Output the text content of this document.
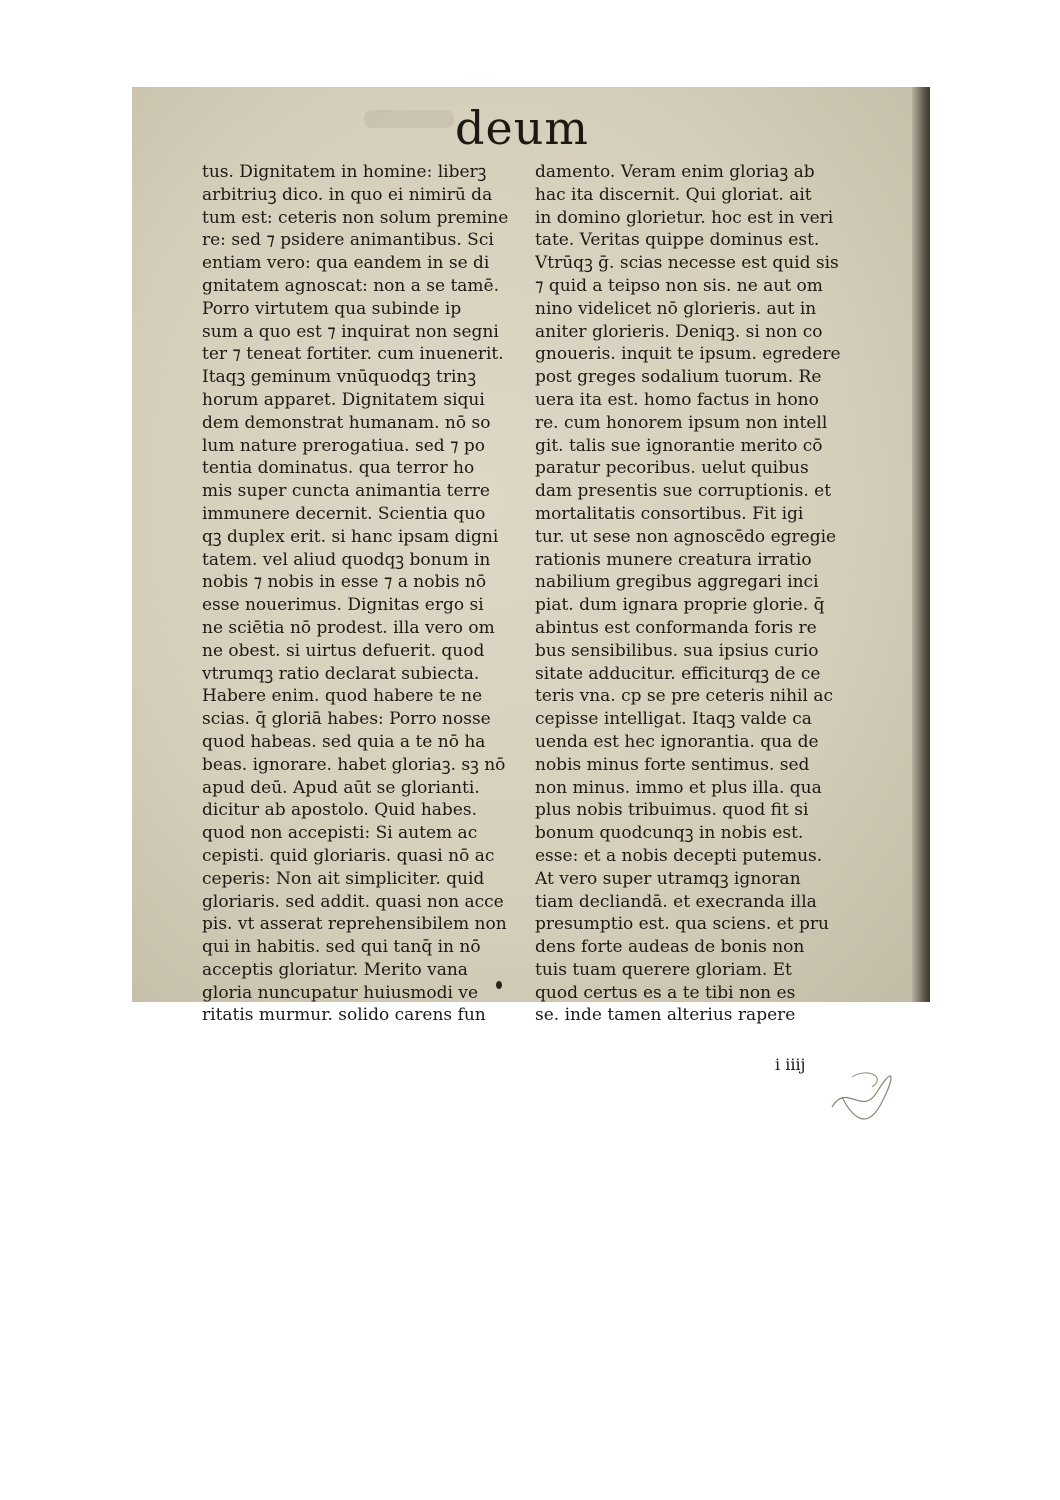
deum
tus. Dignitatem in homine: liberꝫ
arbitriuꝫ dico. in quo ei nimirū da
tum est: ceteris non solum premine
re: sed ⁊ psidere animantibus. Sci
entiam vero: qua eandem in se di
gnitatem agnoscat: non a se tamē.
Porro virtutem qua subinde ip
sum a quo est ⁊ inquirat non segni
ter ⁊ teneat fortiter. cum inuenerit.
Itaqꝫ geminum vnūquodqꝫ trinꝫ
horum apparet. Dignitatem siqui
dem demonstrat humanam. nō so
lum nature prerogatiua. sed ⁊ po
tentia dominatus. qua terror ho
mis super cuncta animantia terre
immunere decernit. Scientia quo
qꝫ duplex erit. si hanc ipsam digni
tatem. vel aliud quodqꝫ bonum in
nobis ⁊ nobis in esse ⁊ a nobis nō
esse nouerimus. Dignitas ergo si
ne sciētia nō prodest. illa vero om
ne obest. si uirtus defuerit. quod
vtrumqꝫ ratio declarat subiecta.
Habere enim. quod habere te ne
scias. q̄ gloriā habes: Porro nosse
quod habeas. sed quia a te nō ha
beas. ignorare. habet gloriaꝫ. sꝫ nō
apud deū. Apud aūt se glorianti.
dicitur ab apostolo. Quid habes.
quod non accepisti: Si autem ac
cepisti. quid gloriaris. quasi nō ac
ceperis: Non ait simpliciter. quid
gloriaris. sed addit. quasi non acce
pis. vt asserat reprehensibilem non
qui in habitis. sed qui tanq̄ in nō
acceptis gloriatur. Merito vana
gloria nuncupatur huiusmodi ve
ritatis murmur. solido carens fun
damento. Veram enim gloriaꝫ ab
hac ita discernit. Qui gloriat. ait
in domino glorietur. hoc est in veri
tate. Veritas quippe dominus est.
Vtrūqꝫ ḡ. scias necesse est quid sis
⁊ quid a teipso non sis. ne aut om
nino videlicet nō glorieris. aut in
aniter glorieris. Deniqꝫ. si non co
gnoueris. inquit te ipsum. egredere
post greges sodalium tuorum. Re
uera ita est. homo factus in hono
re. cum honorem ipsum non intell
git. talis sue ignorantie merito cō
paratur pecoribus. uelut quibus
dam presentis sue corruptionis. et
mortalitatis consortibus. Fit igi
tur. ut sese non agnoscēdo egregie
rationis munere creatura irratio
nabilium gregibus aggregari inci
piat. dum ignara proprie glorie. q̄
abintus est conformanda foris re
bus sensibilibus. sua ipsius curio
sitate adducitur. efficiturqꝫ de ce
teris vna. cp se pre ceteris nihil ac
cepisse intelligat. Itaqꝫ valde ca
uenda est hec ignorantia. qua de
nobis minus forte sentimus. sed
non minus. immo et plus illa. qua
plus nobis tribuimus. quod fit si
bonum quodcunqꝫ in nobis est.
esse: et a nobis decepti putemus.
At vero super utramqꝫ ignoran
tiam decliandā. et execranda illa
presumptio est. qua sciens. et pru
dens forte audeas de bonis non
tuis tuam querere gloriam. Et
quod certus es a te tibi non es
se. inde tamen alterius rapere
i iiij
